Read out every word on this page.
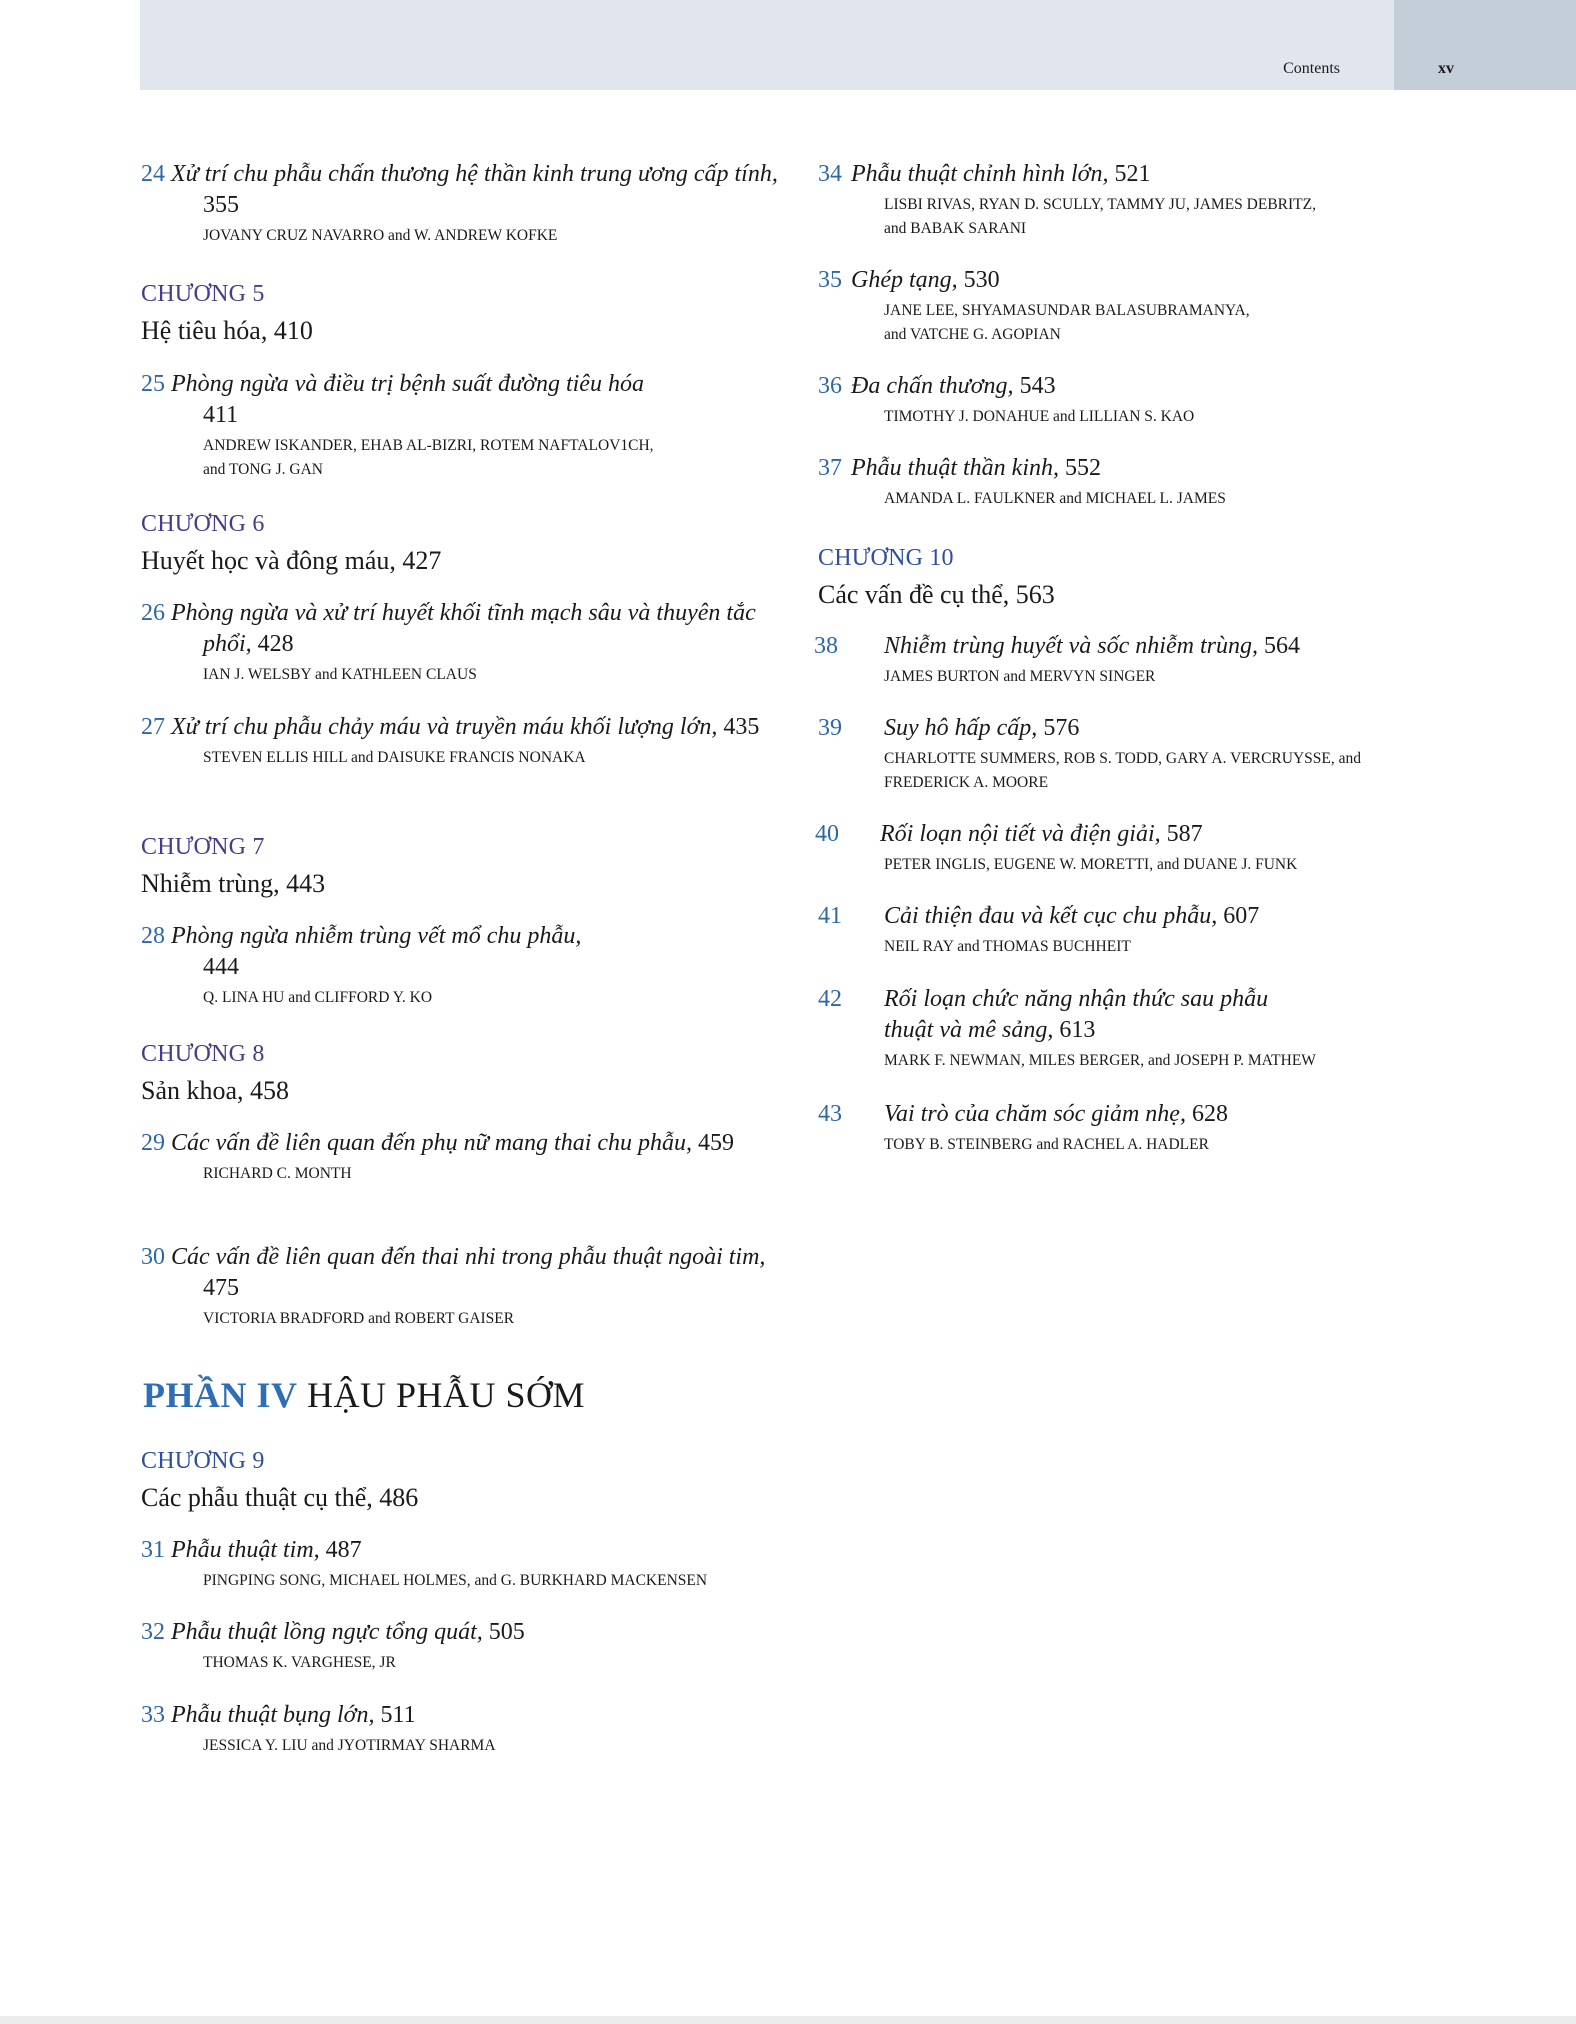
Contents	xv
24 Xử trí chu phẫu chấn thương hệ thần kinh trung ương cấp tính, 355
JOVANY CRUZ NAVARRO and W. ANDREW KOFKE
CHƯƠNG 5
Hệ tiêu hóa, 410
25 Phòng ngừa và điều trị bệnh suất đường tiêu hóa
411
ANDREW ISKANDER, EHAB AL-BIZRI, ROTEM NAFTALOV1CH,
and TONG J. GAN
CHƯƠNG 6
Huyết học và đông máu, 427
26 Phòng ngừa và xử trí huyết khối tĩnh mạch sâu và thuyên tắc phổi, 428
IAN J. WELSBY and KATHLEEN CLAUS
27 Xử trí chu phẫu chảy máu và truyền máu khối lượng lớn, 435
STEVEN ELLIS HILL and DAISUKE FRANCIS NONAKA
CHƯƠNG 7
Nhiễm trùng, 443
28 Phòng ngừa nhiễm trùng vết mổ chu phẫu,
444
Q. LINA HU and CLIFFORD Y. KO
CHƯƠNG 8
Sản khoa, 458
29 Các vấn đề liên quan đến phụ nữ mang thai chu phẫu, 459
RICHARD C. MONTH
30 Các vấn đề liên quan đến thai nhi trong phẫu thuật ngoài tim, 475
VICTORIA BRADFORD and ROBERT GAISER
PHẦN IV HẬU PHẪU SỚM
CHƯƠNG 9
Các phẫu thuật cụ thể, 486
31 Phẫu thuật tim, 487
PINGPING SONG, MICHAEL HOLMES, and G. BURKHARD MACKENSEN
32 Phẫu thuật lồng ngực tổng quát, 505
THOMAS K. VARGHESE, JR
33 Phẫu thuật bụng lớn, 511
JESSICA Y. LIU and JYOTIRMAY SHARMA
34 Phẫu thuật chỉnh hình lớn, 521
LISBI RIVAS, RYAN D. SCULLY, TAMMY JU, JAMES DEBRITZ,
and BABAK SARANI
35 Ghép tạng, 530
JANE LEE, SHYAMASUNDAR BALASUBRAMANYA,
and VATCHE G. AGOPIAN
36 Đa chấn thương, 543
TIMOTHY J. DONAHUE and LILLIAN S. KAO
37 Phẫu thuật thần kinh, 552
AMANDA L. FAULKNER and MICHAEL L. JAMES
CHƯƠNG 10
Các vấn đề cụ thể, 563
38 Nhiễm trùng huyết và sốc nhiễm trùng, 564
JAMES BURTON and MERVYN SINGER
39 Suy hô hấp cấp, 576
CHARLOTTE SUMMERS, ROB S. TODD, GARY A. VERCRUYSSE, and
FREDERICK A. MOORE
40 Rối loạn nội tiết và điện giải, 587
PETER INGLIS, EUGENE W. MORETTI, and DUANE J. FUNK
41 Cải thiện đau và kết cục chu phẫu, 607
NEIL RAY and THOMAS BUCHHEIT
42 Rối loạn chức năng nhận thức sau phẫu
thuật và mê sảng, 613
MARK F. NEWMAN, MILES BERGER, and JOSEPH P. MATHEW
43 Vai trò của chăm sóc giảm nhẹ, 628
TOBY B. STEINBERG and RACHEL A. HADLER
